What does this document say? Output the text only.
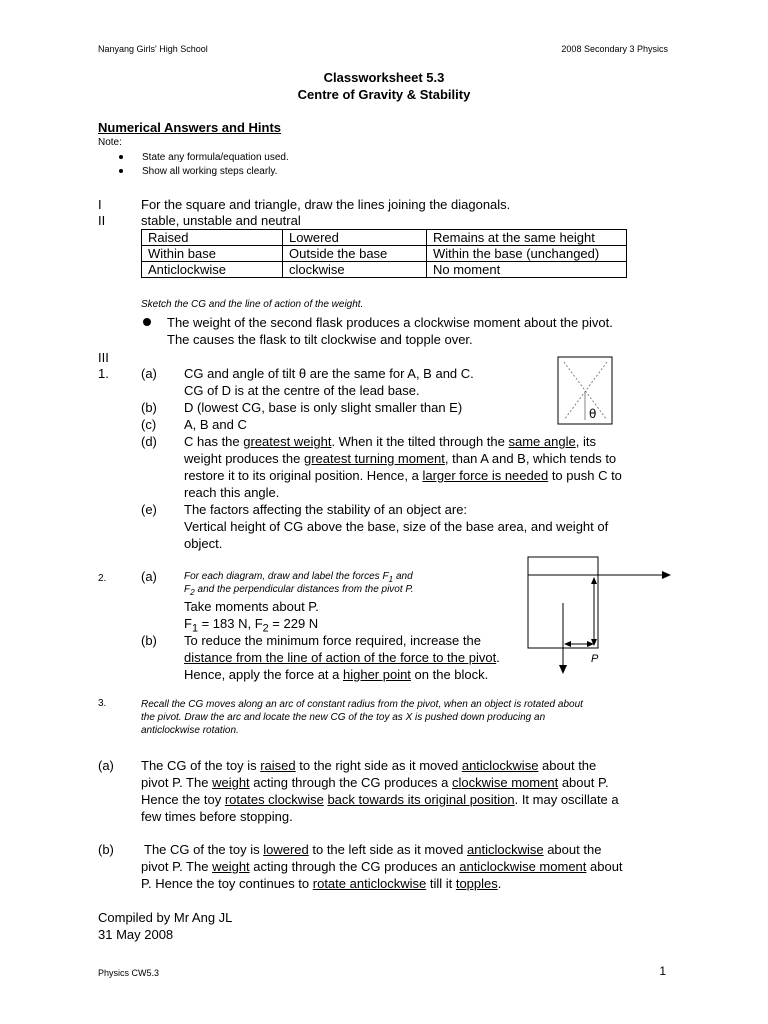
Nanyang Girls' High School	2008 Secondary 3 Physics
Classworksheet 5.3
Centre of Gravity & Stability
Numerical Answers and Hints
Note:
State any formula/equation used.
Show all working steps clearly.
I	For the square and triangle, draw the lines joining the diagonals.
II	stable, unstable and neutral
Raised	Lowered	Remains at the same height
Within base	Outside the base	Within the base (unchanged)
Anticlockwise	clockwise	No moment
Sketch the CG and the line of action of the weight.
The weight of the second flask produces a clockwise moment about the pivot.
The causes the flask to tilt clockwise and topple over.
III
1. (a) CG and angle of tilt θ are the same for A, B and C.
CG of D is at the centre of the lead base.
(b) D (lowest CG, base is only slight smaller than E)
(c) A, B and C
(d) C has the greatest weight. When it the tilted through the same angle, its
weight produces the greatest turning moment, than A and B, which tends to
restore it to its original position. Hence, a larger force is needed to push C to
reach this angle.
(e) The factors affecting the stability of an object are:
Vertical height of CG above the base, size of the base area, and weight of
object.
θ
2.	(a)	For each diagram, draw and label the forces $F_1$ and
$F_2$ and the perpendicular distances from the pivot P.
Take moments about P.
$F_1 = 183$ N, $F_2 = 229$ N
(b) To reduce the minimum force required, increase the
distance from the line of action of the force to the pivot.
Hence, apply the force at a higher point on the block.
P
3.	Recall the CG moves along an arc of constant radius from the pivot, when an object is rotated about
the pivot. Draw the arc and locate the new CG of the toy as X is pushed down producing an
anticlockwise rotation.
(a) The CG of the toy is raised to the right side as it moved anticlockwise about the
pivot P. The weight acting through the CG produces a clockwise moment about P.
Hence the toy rotates clockwise back towards its original position. It may oscillate a
few times before stopping.
(b) The CG of the toy is lowered to the left side as it moved anticlockwise about the
pivot P. The weight acting through the CG produces an anticlockwise moment about
P. Hence the toy continues to rotate anticlockwise till it topples.
Compiled by Mr Ang JL
31 May 2008
Physics CW5.3	1
